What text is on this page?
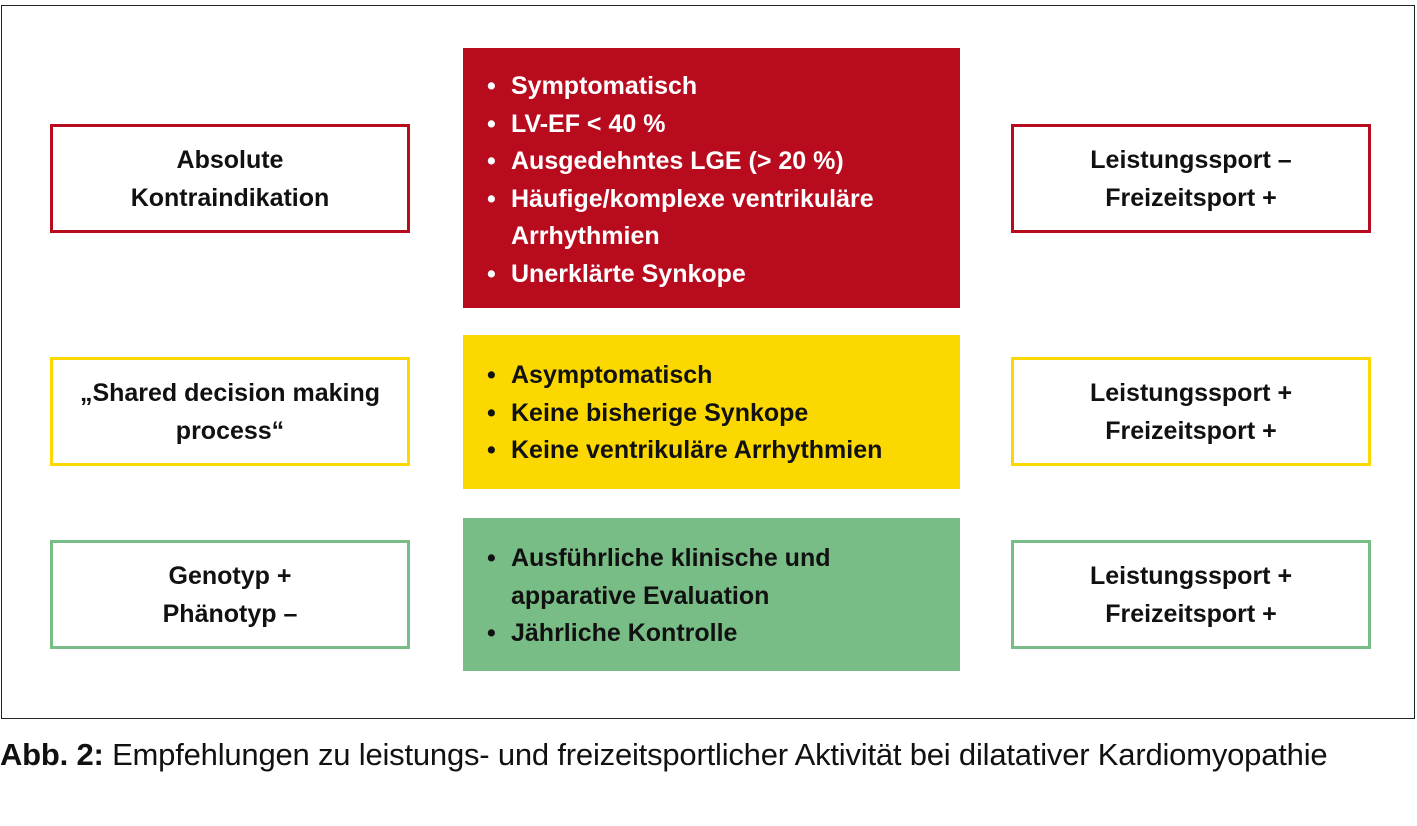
Absolute
Kontraindikation
• Symptomatisch
• LV-EF < 40 %
• Ausgedehntes LGE (> 20 %)
• Häufige/komplexe ventrikuläre Arrhythmien
• Unerklärte Synkope
Leistungssport –
Freizeitsport +
„Shared decision making
process“
• Asymptomatisch
• Keine bisherige Synkope
• Keine ventrikuläre Arrhythmien
Leistungssport +
Freizeitsport +
Genotyp +
Phänotyp –
• Ausführliche klinische und apparative Evaluation
• Jährliche Kontrolle
Leistungssport +
Freizeitsport +
Abb. 2: Empfehlungen zu leistungs- und freizeitsportlicher Aktivität bei dilatativer Kardiomyopathie
